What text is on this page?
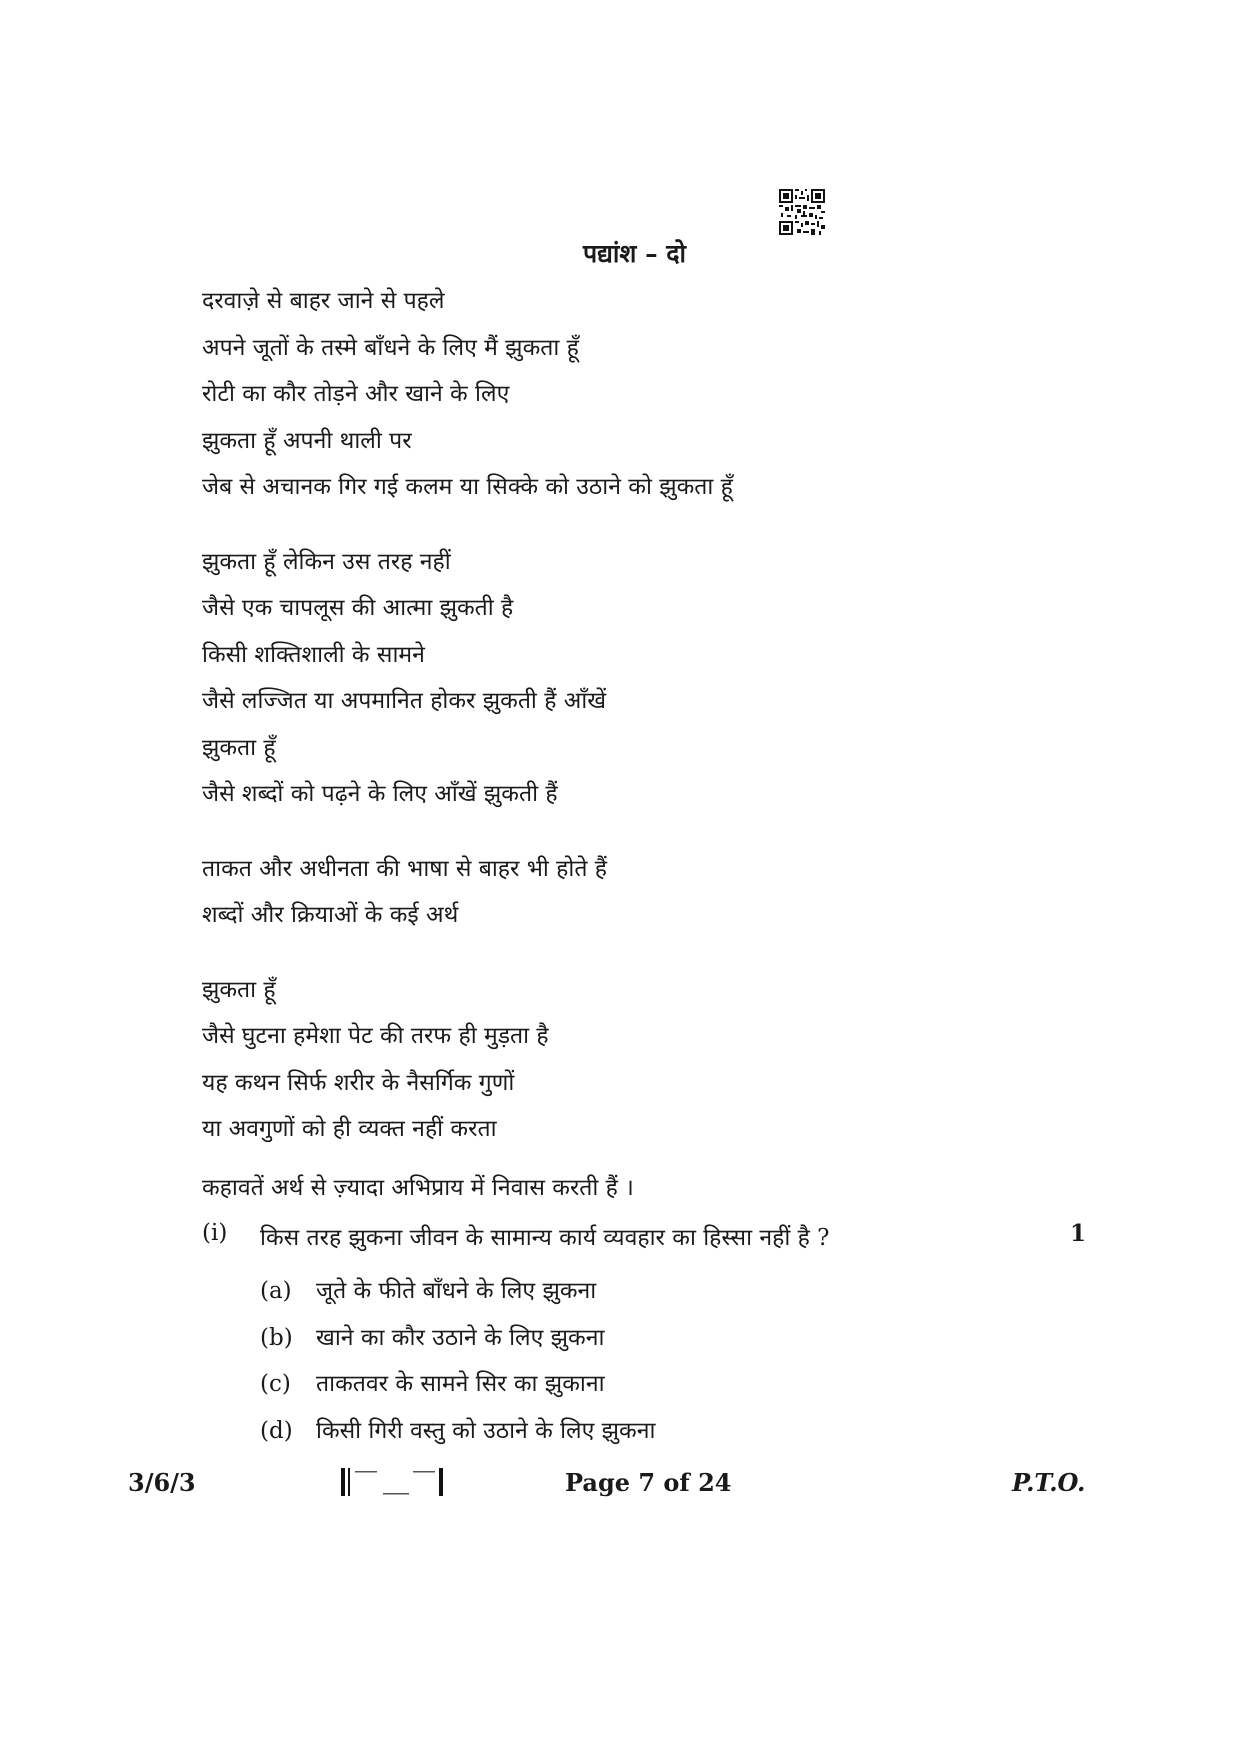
पद्यांश – दो
दरवाज़े से बाहर जाने से पहले
अपने जूतों के तस्मे बाँधने के लिए मैं झुकता हूँ
रोटी का कौर तोड़ने और खाने के लिए
झुकता हूँ अपनी थाली पर
जेब से अचानक गिर गई कलम या सिक्के को उठाने को झुकता हूँ
झुकता हूँ लेकिन उस तरह नहीं
जैसे एक चापलूस की आत्मा झुकती है
किसी शक्तिशाली के सामने
जैसे लज्जित या अपमानित होकर झुकती हैं आँखें
झुकता हूँ
जैसे शब्दों को पढ़ने के लिए आँखें झुकती हैं
ताकत और अधीनता की भाषा से बाहर भी होते हैं
शब्दों और क्रियाओं के कई अर्थ
झुकता हूँ
जैसे घुटना हमेशा पेट की तरफ ही मुड़ता है
यह कथन सिर्फ शरीर के नैसर्गिक गुणों
या अवगुणों को ही व्यक्त नहीं करता
कहावतें अर्थ से ज़्यादा अभिप्राय में निवास करती हैं ।
(i) किस तरह झुकना जीवन के सामान्य कार्य व्यवहार का हिस्सा नहीं है ?	1
(a) जूते के फीते बाँधने के लिए झुकना
(b) खाने का कौर उठाने के लिए झुकना
(c) ताकतवर के सामने सिर का झुकाना
(d) किसी गिरी वस्तु को उठाने के लिए झुकना
3/6/3	Page 7 of 24	P.T.O.
